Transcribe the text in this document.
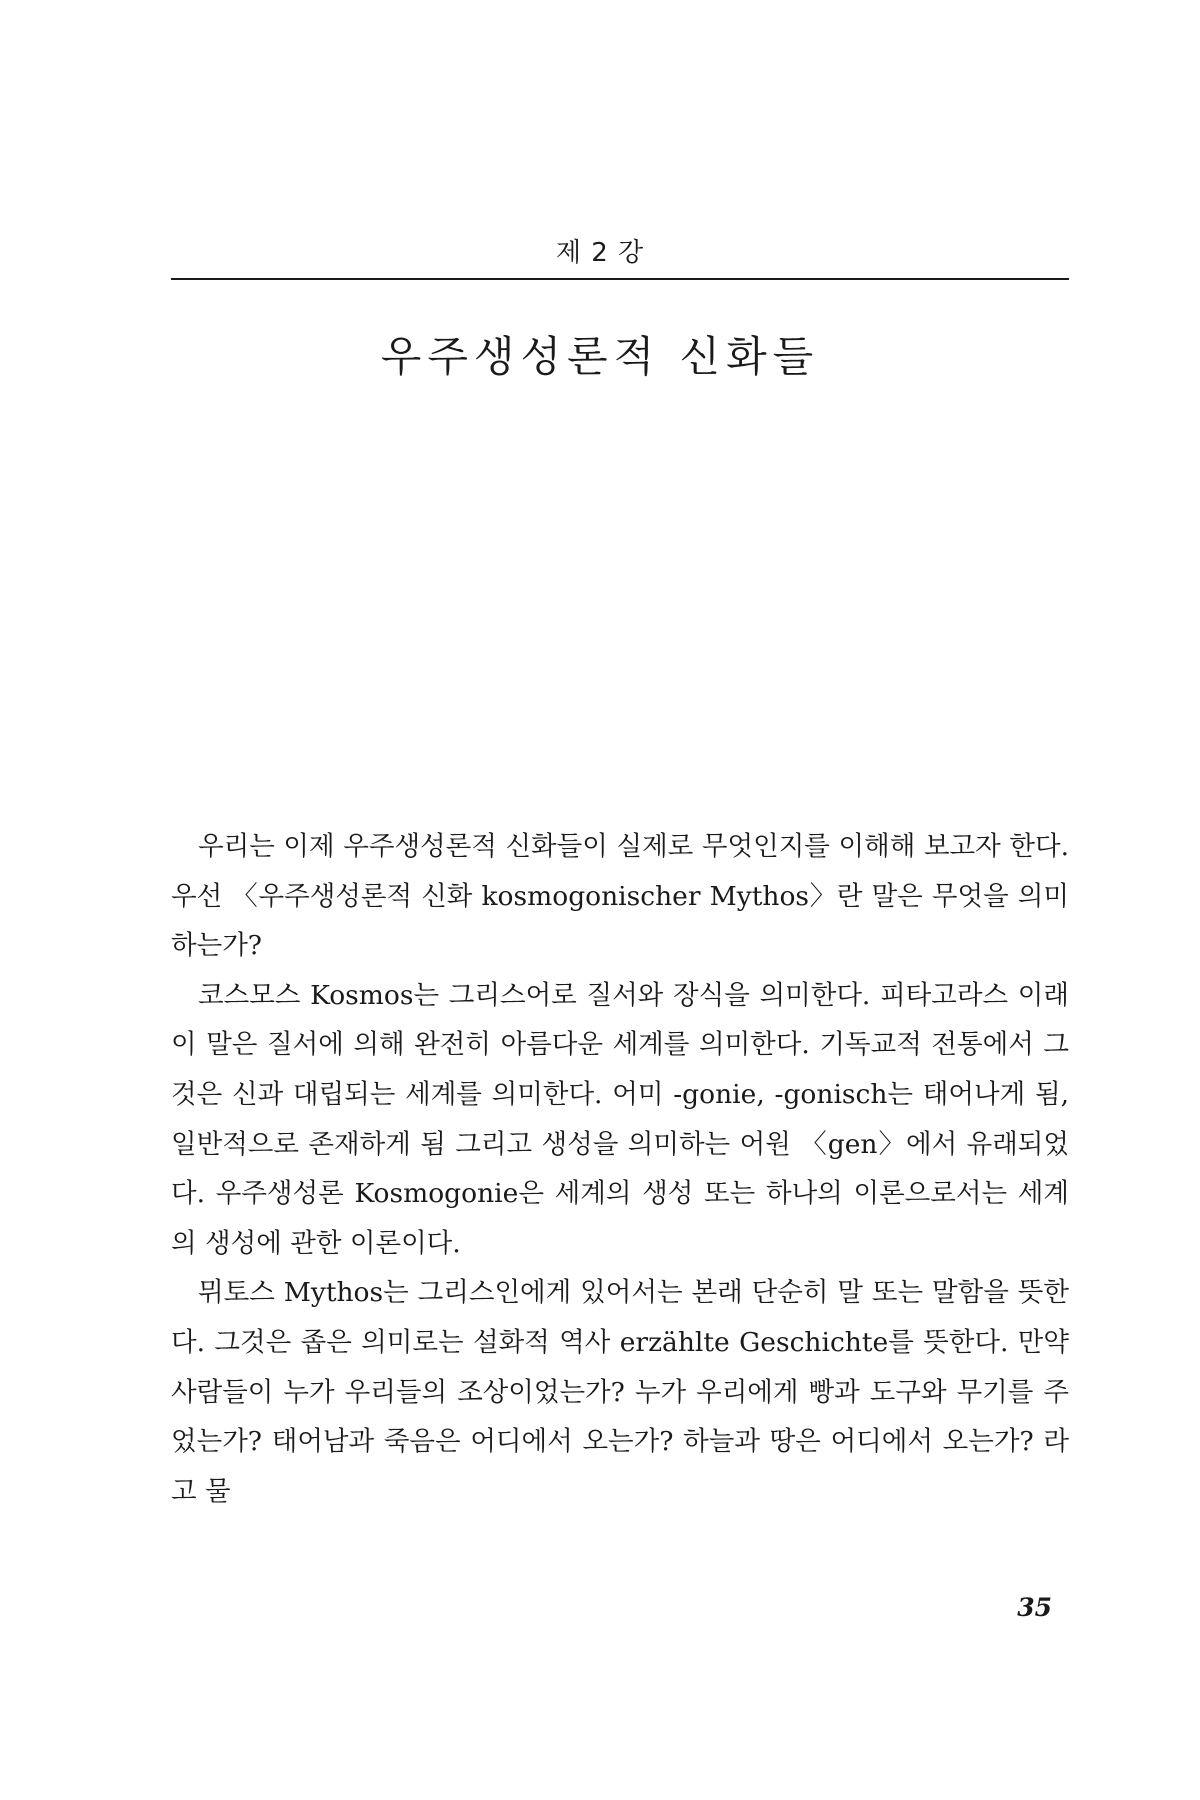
제 2 강
우주생성론적 신화들

우리는 이제 우주생성론적 신화들이 실제로 무엇인지를 이해해 보고자 한다. 우선 〈우주생성론적 신화 kosmogonischer Mythos〉란 말은 무엇을 의미하는가?

코스모스 Kosmos는 그리스어로 질서와 장식을 의미한다. 피타고라스 이래 이 말은 질서에 의해 완전히 아름다운 세계를 의미한다. 기독교적 전통에서 그것은 신과 대립되는 세계를 의미한다. 어미 -gonie, -gonisch는 태어나게 됨, 일반적으로 존재하게 됨 그리고 생성을 의미하는 어원 〈gen〉에서 유래되었다. 우주생성론 Kosmogonie은 세계의 생성 또는 하나의 이론으로서는 세계의 생성에 관한 이론이다.

뮈토스 Mythos는 그리스인에게 있어서는 본래 단순히 말 또는 말함을 뜻한다. 그것은 좁은 의미로는 설화적 역사 erzählte Geschichte를 뜻한다. 만약 사람들이 누가 우리들의 조상이었는가? 누가 우리에게 빵과 도구와 무기를 주었는가? 태어남과 죽음은 어디에서 오는가? 하늘과 땅은 어디에서 오는가? 라고 물

35
